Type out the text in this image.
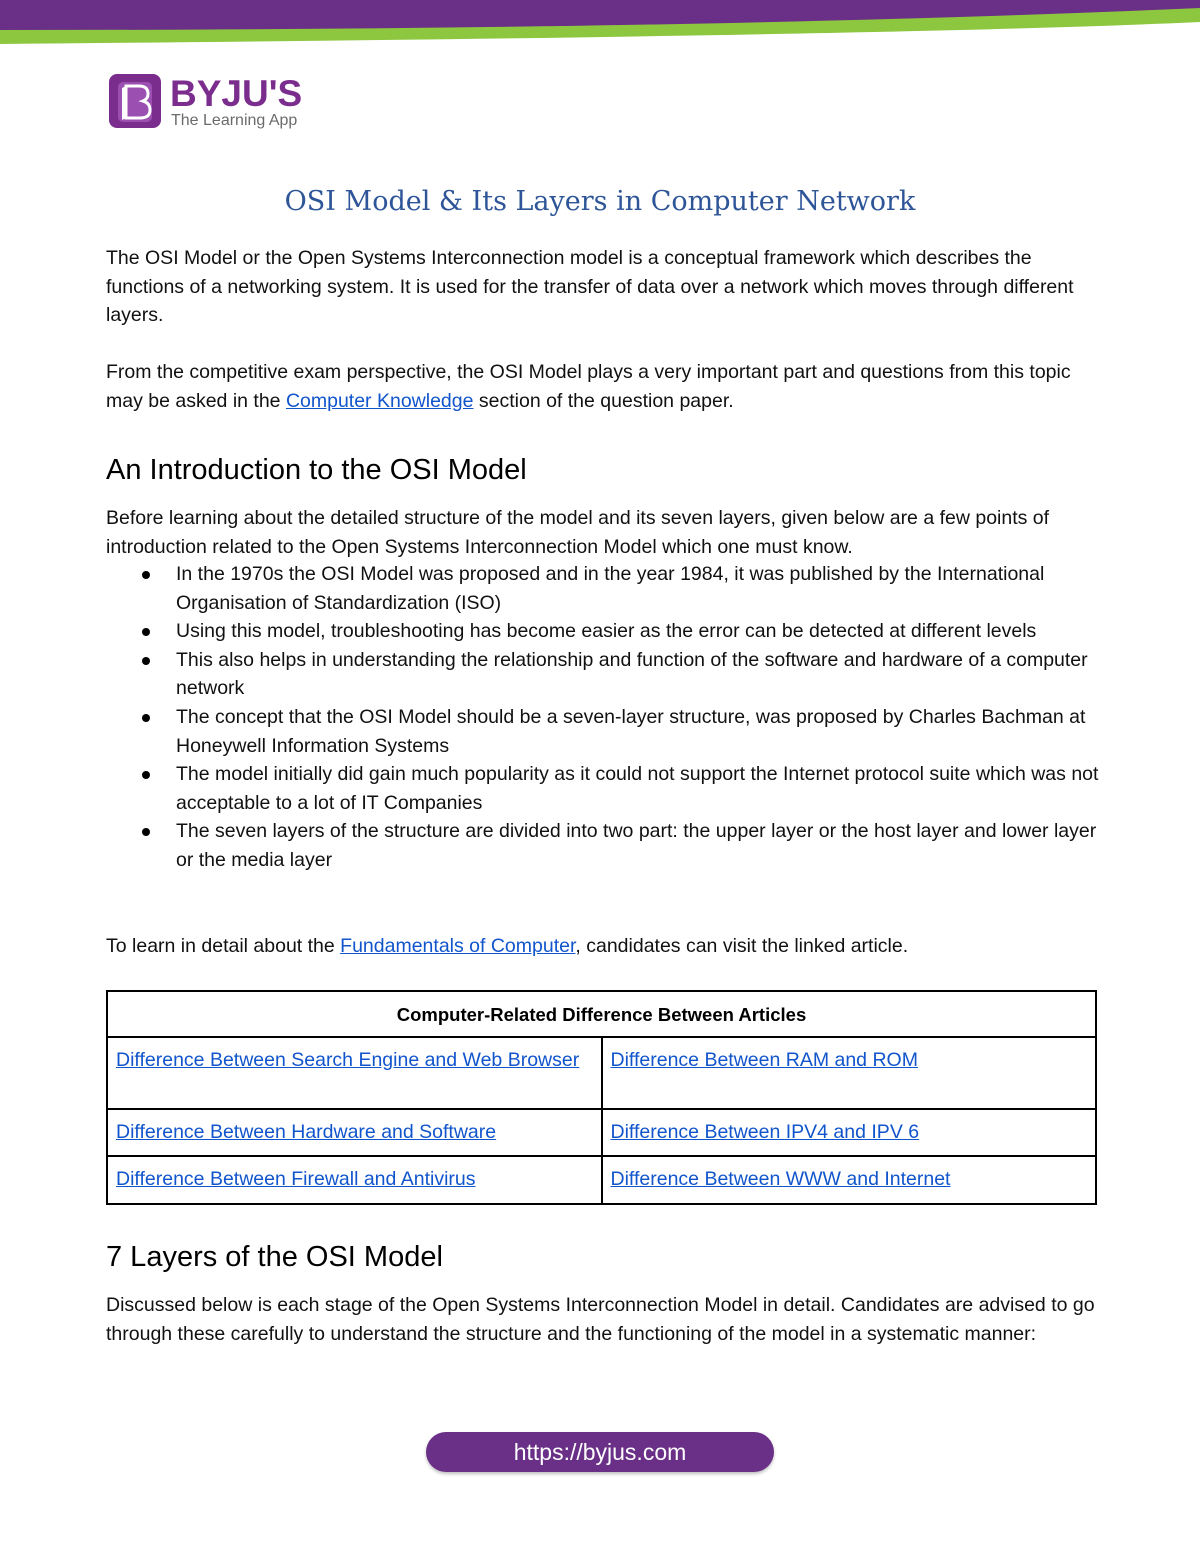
BYJU'S
The Learning App
OSI Model & Its Layers in Computer Network
The OSI Model or the Open Systems Interconnection model is a conceptual framework which describes the functions of a networking system. It is used for the transfer of data over a network which moves through different layers.
From the competitive exam perspective, the OSI Model plays a very important part and questions from this topic may be asked in the Computer Knowledge section of the question paper.
An Introduction to the OSI Model
Before learning about the detailed structure of the model and its seven layers, given below are a few points of introduction related to the Open Systems Interconnection Model which one must know.
In the 1970s the OSI Model was proposed and in the year 1984, it was published by the International Organisation of Standardization (ISO)
Using this model, troubleshooting has become easier as the error can be detected at different levels
This also helps in understanding the relationship and function of the software and hardware of a computer network
The concept that the OSI Model should be a seven-layer structure, was proposed by Charles Bachman at Honeywell Information Systems
The model initially did gain much popularity as it could not support the Internet protocol suite which was not acceptable to a lot of IT Companies
The seven layers of the structure are divided into two part: the upper layer or the host layer and lower layer or the media layer
To learn in detail about the Fundamentals of Computer, candidates can visit the linked article.
Computer-Related Difference Between Articles	
Difference Between Search Engine and Web Browser	Difference Between RAM and ROM
Difference Between Hardware and Software	Difference Between IPV4 and IPV 6
Difference Between Firewall and Antivirus	Difference Between WWW and Internet
7 Layers of the OSI Model
Discussed below is each stage of the Open Systems Interconnection Model in detail. Candidates are advised to go through these carefully to understand the structure and the functioning of the model in a systematic manner:
https://byjus.com
